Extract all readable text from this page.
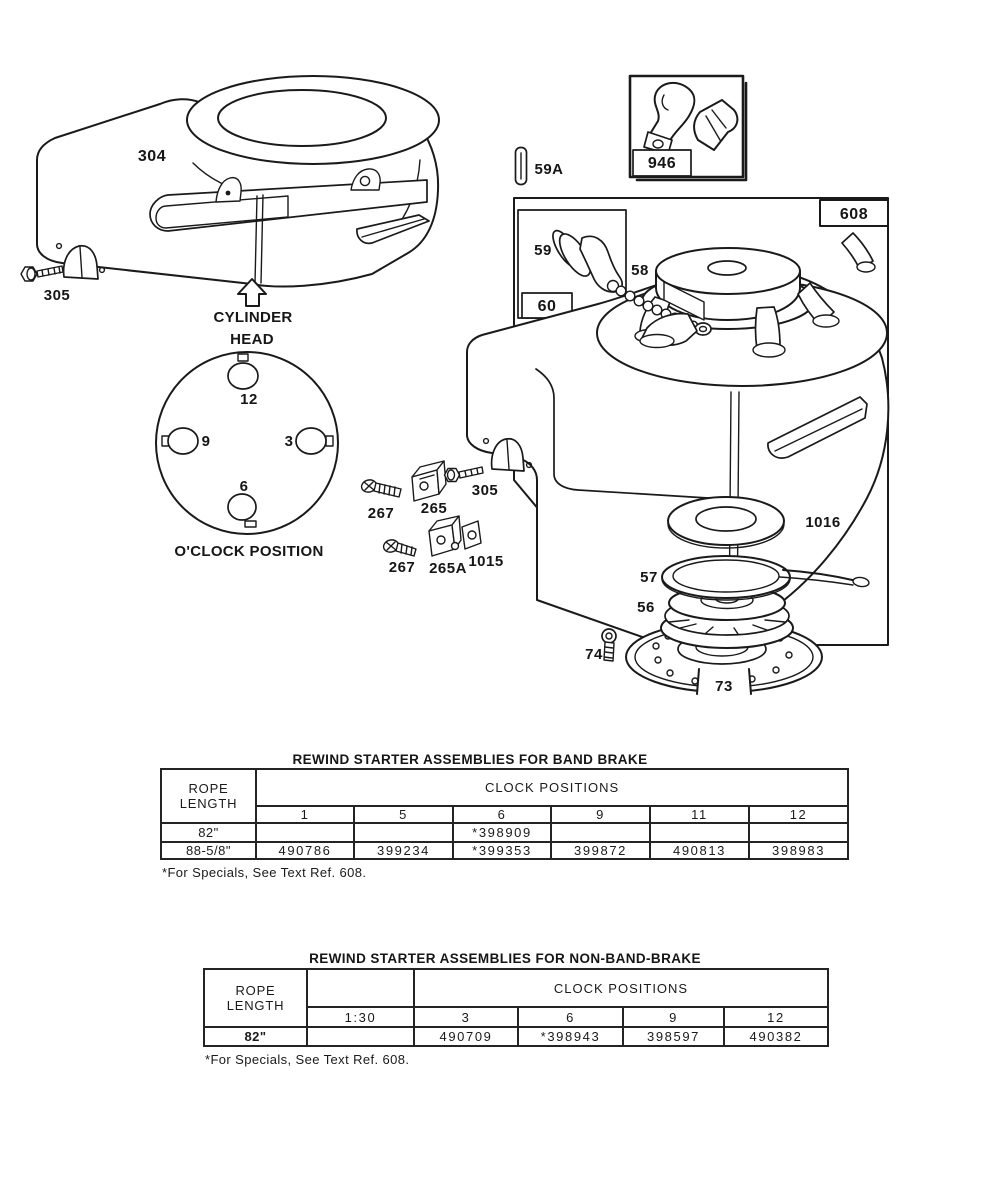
304
305
CYLINDER
HEAD
12
9	3
6
O'CLOCK POSITION
59A	946
608
59
60
58
267 265
305
267 265A 1015
1016
57
56
74
73
REWIND STARTER ASSEMBLIES FOR BAND BRAKE
ROPE
LENGTH	CLOCK POSITIONS					
	1	5	6	9	11	12
82"			*398909			
88-5/8"	490786	399234	*399353	399872	490813	398983
*For Specials, See Text Ref. 608.
REWIND STARTER ASSEMBLIES FOR NON-BAND-BRAKE
ROPE
LENGTH		CLOCK POSITIONS			
	1:30	3	6	9	12
82"		490709	*398943	398597	490382
*For Specials, See Text Ref. 608.
